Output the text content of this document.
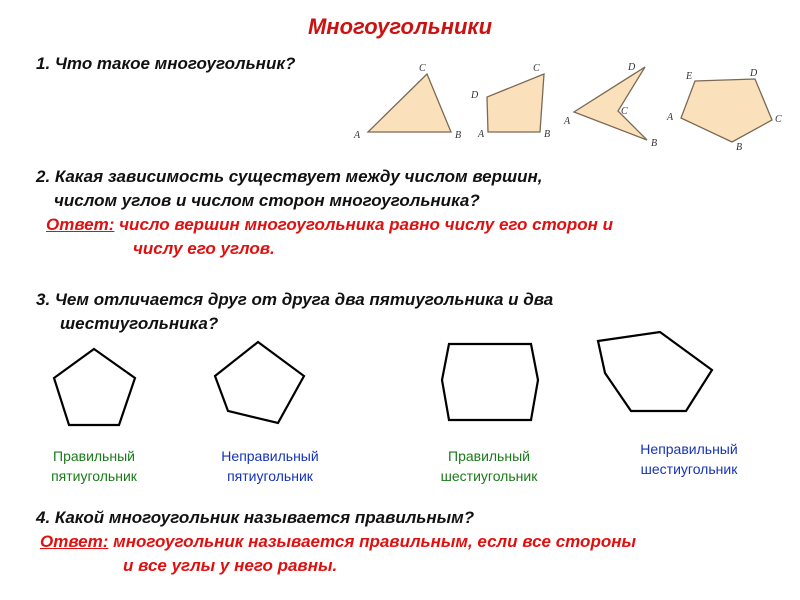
Многоугольники
1. Что такое многоугольник?
A	B
C
A	B
C
D
A
B
C
D
A
B
C
D
E
2. Какая зависимость существует между числом вершин,
числом углов и числом сторон многоугольника?
Ответ: число вершин многоугольника равно числу его сторон и
числу его углов.
3. Чем отличается друг от друга два пятиугольника и два
шестиугольника?
Правильный
пятиугольник
Неправильный
пятиугольник
Правильный
шестиугольник
Неправильный
шестиугольник
4. Какой многоугольник называется правильным?
Ответ: многоугольник называется правильным, если все стороны
и все углы у него равны.
